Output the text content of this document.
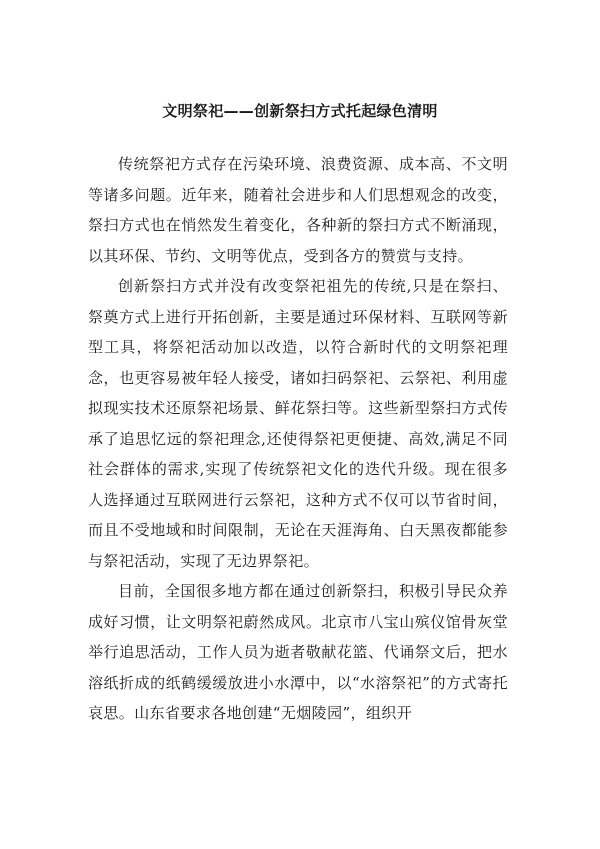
文明祭祀——创新祭扫方式托起绿色清明

传统祭祀方式存在污染环境、浪费资源、成本高、不文明等诸多问题。近年来，随着社会进步和人们思想观念的改变，祭扫方式也在悄然发生着变化，各种新的祭扫方式不断涌现，以其环保、节约、文明等优点，受到各方的赞赏与支持。

创新祭扫方式并没有改变祭祀祖先的传统,只是在祭扫、祭奠方式上进行开拓创新，主要是通过环保材料、互联网等新型工具，将祭祀活动加以改造，以符合新时代的文明祭祀理念，也更容易被年轻人接受，诸如扫码祭祀、云祭祀、利用虚拟现实技术还原祭祀场景、鲜花祭扫等。这些新型祭扫方式传承了追思忆远的祭祀理念,还使得祭祀更便捷、高效,满足不同社会群体的需求,实现了传统祭祀文化的迭代升级。现在很多人选择通过互联网进行云祭祀，这种方式不仅可以节省时间，而且不受地域和时间限制，无论在天涯海角、白天黑夜都能参与祭祀活动，实现了无边界祭祀。

目前，全国很多地方都在通过创新祭扫，积极引导民众养成好习惯，让文明祭祀蔚然成风。北京市八宝山殡仪馆骨灰堂举行追思活动，工作人员为逝者敬献花篮、代诵祭文后，把水溶纸折成的纸鹤缓缓放进小水潭中，以“水溶祭祀”的方式寄托哀思。山东省要求各地创建“无烟陵园”，组织开
